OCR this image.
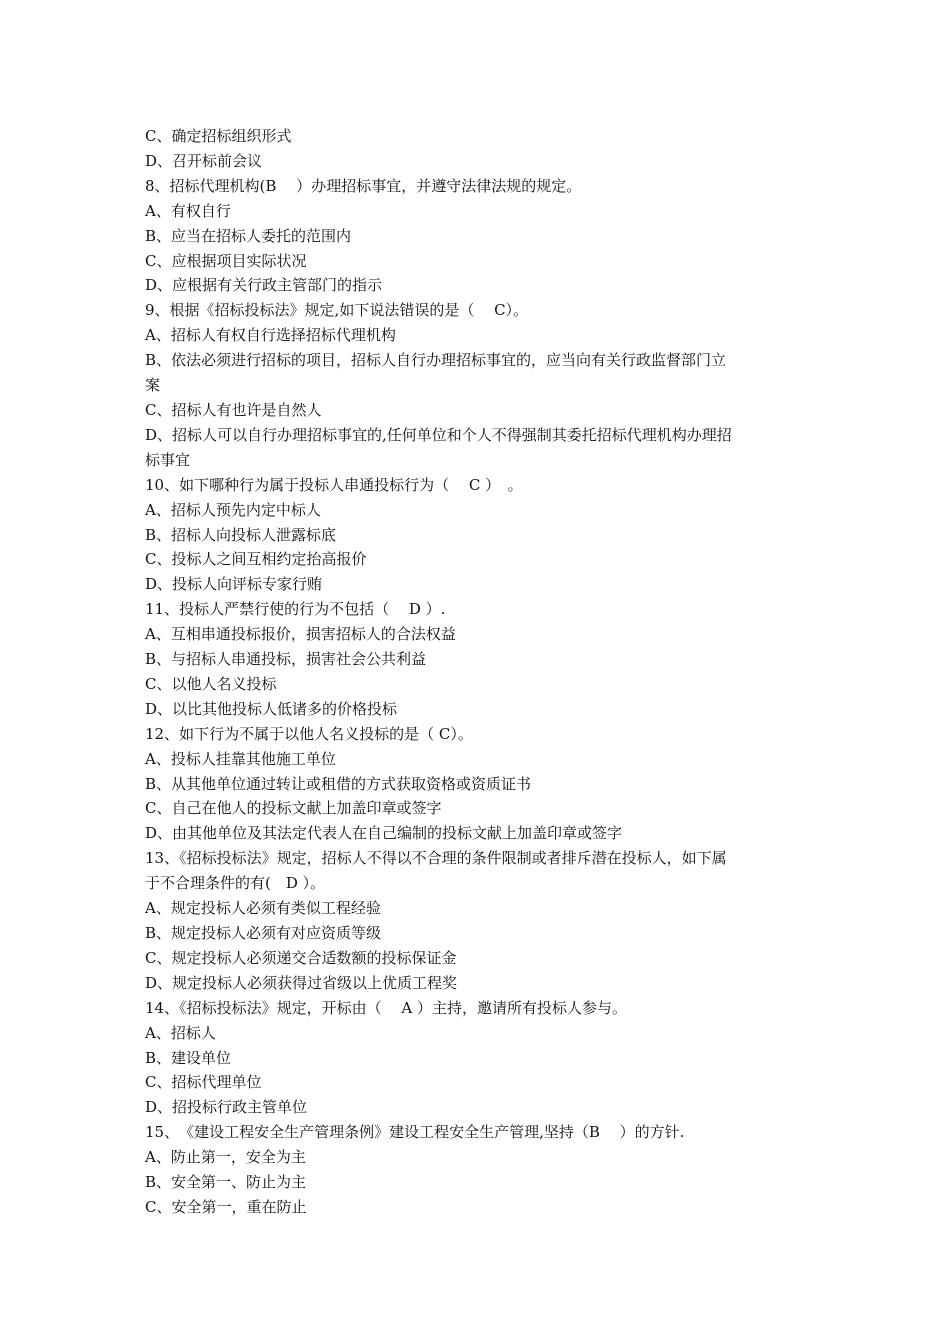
C、确定招标组织形式

D、召开标前会议

8、招标代理机构(B　 ）办理招标事宜，并遵守法律法规的规定。

A、有权自行

B、应当在招标人委托的范围内

C、应根据项目实际状况

D、应根据有关行政主管部门的指示

9、根据《招标投标法》规定,如下说法错误的是（　 C）。

A、招标人有权自行选择招标代理机构

B、依法必须进行招标的项目，招标人自行办理招标事宜的，应当向有关行政监督部门立

案

C、招标人有也许是自然人

D、招标人可以自行办理招标事宜的,任何单位和个人不得强制其委托招标代理机构办理招

标事宜

10、如下哪种行为属于投标人串通投标行为（　 C ）　。

A、招标人预先内定中标人

B、招标人向投标人泄露标底

C、投标人之间互相约定抬高报价

D、投标人向评标专家行贿

11、投标人严禁行使的行为不包括（　 D ）.

A、互相串通投标报价，损害招标人的合法权益

B、与招标人串通投标，损害社会公共利益

C、以他人名义投标

D、以比其他投标人低诸多的价格投标

12、如下行为不属于以他人名义投标的是（ C）。

A、投标人挂靠其他施工单位

B、从其他单位通过转让或租借的方式获取资格或资质证书

C、自己在他人的投标文献上加盖印章或签字

D、由其他单位及其法定代表人在自己编制的投标文献上加盖印章或签字

13、《招标投标法》规定，招标人不得以不合理的条件限制或者排斥潜在投标人，如下属

于不合理条件的有(　D ）。

A、规定投标人必须有类似工程经验

B、规定投标人必须有对应资质等级

C、规定投标人必须递交合适数额的投标保证金

D、规定投标人必须获得过省级以上优质工程奖

14、《招标投标法》规定，开标由（　 A ）主持，邀请所有投标人参与。

A、招标人

B、建设单位

C、招标代理单位

D、招投标行政主管单位

15、　《建设工程安全生产管理条例》建设工程安全生产管理,坚持（B　 ）的方针.

A、防止第一，安全为主

B、安全第一、防止为主

C、安全第一，重在防止
